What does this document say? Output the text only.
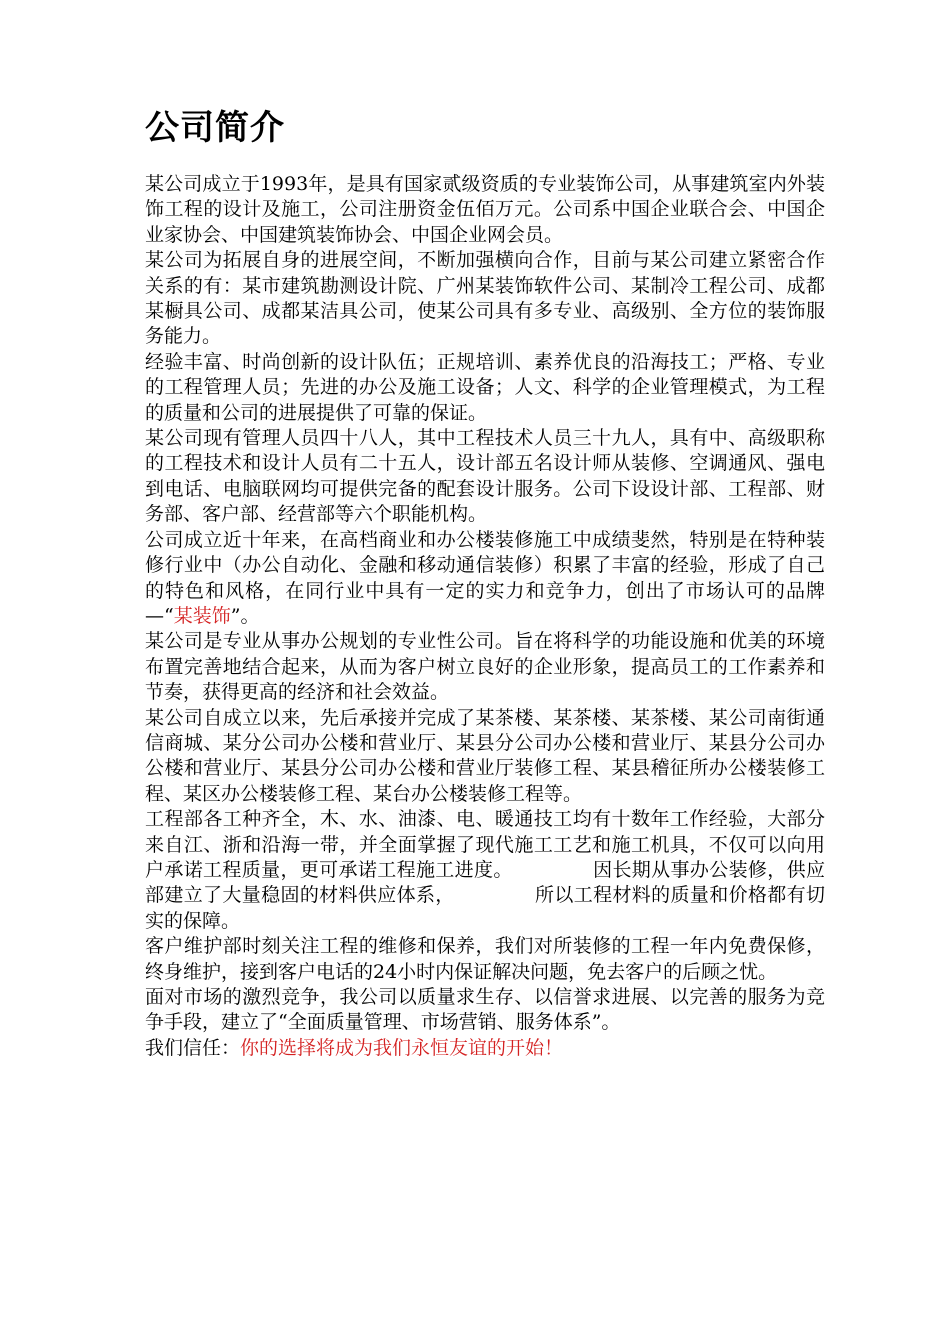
公司简介

某公司成立于1993年，是具有国家贰级资质的专业装饰公司，从事建筑室内外装饰工程的设计及施工，公司注册资金伍佰万元。公司系中国企业联合会、中国企业家协会、中国建筑装饰协会、中国企业网会员。

某公司为拓展自身的进展空间，不断加强横向合作，目前与某公司建立紧密合作关系的有：某市建筑勘测设计院、广州某装饰软件公司、某制冷工程公司、成都某橱具公司、成都某洁具公司，使某公司具有多专业、高级别、全方位的装饰服务能力。

经验丰富、时尚创新的设计队伍；正规培训、素养优良的沿海技工；严格、专业的工程管理人员；先进的办公及施工设备；人文、科学的企业管理模式，为工程的质量和公司的进展提供了可靠的保证。

某公司现有管理人员四十八人，其中工程技术人员三十九人，具有中、高级职称的工程技术和设计人员有二十五人，设计部五名设计师从装修、空调通风、强电到电话、电脑联网均可提供完备的配套设计服务。公司下设设计部、工程部、财务部、客户部、经营部等六个职能机构。

公司成立近十年来，在高档商业和办公楼装修施工中成绩斐然，特别是在特种装修行业中（办公自动化、金融和移动通信装修）积累了丰富的经验，形成了自己的特色和风格，在同行业中具有一定的实力和竞争力，创出了市场认可的品牌—“某装饰”。

某公司是专业从事办公规划的专业性公司。旨在将科学的功能设施和优美的环境布置完善地结合起来，从而为客户树立良好的企业形象，提高员工的工作素养和节奏，获得更高的经济和社会效益。

某公司自成立以来，先后承接并完成了某茶楼、某茶楼、某茶楼、某公司南街通信商城、某分公司办公楼和营业厅、某县分公司办公楼和营业厅、某县分公司办公楼和营业厅、某县分公司办公楼和营业厅装修工程、某县稽征所办公楼装修工程、某区办公楼装修工程、某台办公楼装修工程等。

工程部各工种齐全，木、水、油漆、电、暖通技工均有十数年工作经验，大部分来自江、浙和沿海一带，并全面掌握了现代施工工艺和施工机具，不仅可以向用户承诺工程质量，更可承诺工程施工进度。	因长期从事办公装修，供应部建立了大量稳固的材料供应体系，	所以工程材料的质量和价格都有切实的保障。

客户维护部时刻关注工程的维修和保养，我们对所装修的工程一年内免费保修，终身维护，接到客户电话的24小时内保证解决问题，免去客户的后顾之忧。

面对市场的激烈竞争，我公司以质量求生存、以信誉求进展、以完善的服务为竞争手段，建立了“全面质量管理、市场营销、服务体系”。

我们信任：你的选择将成为我们永恒友谊的开始！
